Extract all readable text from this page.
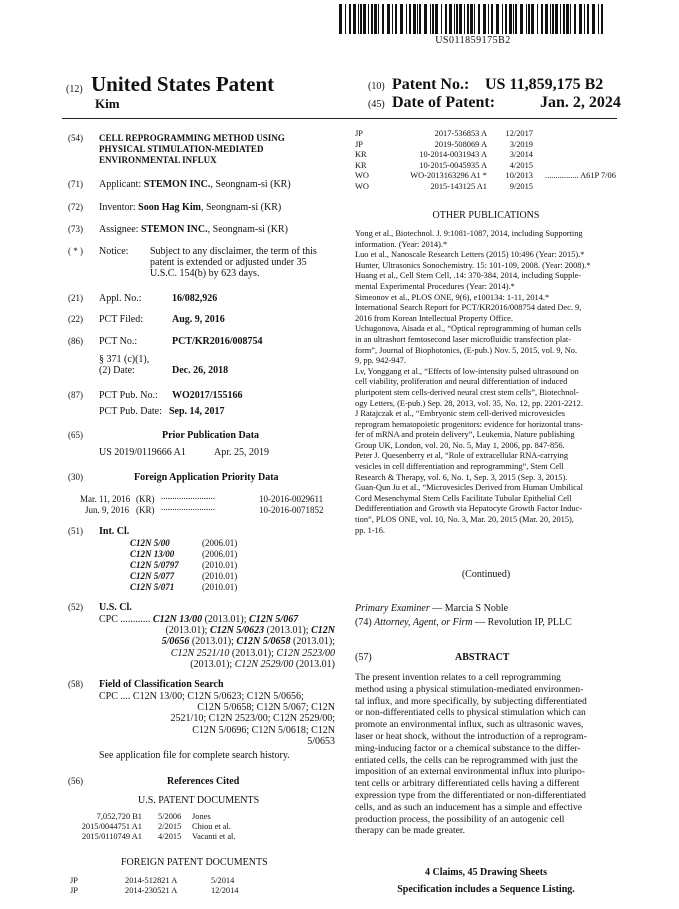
US011859175B2
(12) United States Patent
Kim
(10) Patent No.: US 11,859,175 B2
(45) Date of Patent:	Jan. 2, 2024
(54) CELL REPROGRAMMING METHOD USING
PHYSICAL STIMULATION-MEDIATED
ENVIRONMENTAL INFLUX
(71) Applicant: STEMON INC., Seongnam-si (KR)
(72) Inventor: Soon Hag Kim, Seongnam-si (KR)
(73) Assignee: STEMON INC., Seongnam-si (KR)
( * ) Notice: Subject to any disclaimer, the term of this
patent is extended or adjusted under 35
U.S.C. 154(b) by 623 days.
(21) Appl. No.:	16/082,926
(22) PCT Filed:	Aug. 9, 2016
(86) PCT No.:	PCT/KR2016/008754
§ 371 (c)(1),
(2) Date:	Dec. 26, 2018
(87) PCT Pub. No.: WO2017/155166
PCT Pub. Date: Sep. 14, 2017
(65)	Prior Publication Data
US 2019/0119666 A1	Apr. 25, 2019
(30)	Foreign Application Priority Data
Mar. 11, 2016 (KR) ........................	10-2016-0029611
Jun. 9, 2016 (KR) ........................	10-2016-0071852
(51) Int. Cl.
C12N 5/00	(2006.01)
C12N 13/00	(2006.01)
C12N 5/0797	(2010.01)
C12N 5/077	(2010.01)
C12N 5/071	(2010.01)
(52) U.S. Cl.
CPC ............ C12N 13/00 (2013.01); C12N 5/067
(2013.01); C12N 5/0623 (2013.01); C12N
5/0656 (2013.01); C12N 5/0658 (2013.01);
C12N 2521/10 (2013.01); C12N 2523/00
(2013.01); C12N 2529/00 (2013.01)
(58) Field of Classification Search
CPC .... C12N 13/00; C12N 5/0623; C12N 5/0656;
C12N 5/0658; C12N 5/067; C12N
2521/10; C12N 2523/00; C12N 2529/00;
C12N 5/0696; C12N 5/0618; C12N
5/0653
See application file for complete search history.
(56)	References Cited
U.S. PATENT DOCUMENTS
7,052,720 B1 5/2006 Jones
2015/0044751 A1 2/2015 Chiou et al.
2015/0110749 A1 4/2015 Vacanti et al.
FOREIGN PATENT DOCUMENTS
JP	2014-512821 A	5/2014
JP	2014-230521 A	12/2014
JP	2017-536853 A 12/2017
JP	2019-508069 A	3/2019
KR	10-2014-0031943 A	3/2014
KR	10-2015-0045935 A	4/2015
WO	WO-2013163296 A1 * 10/2013 ................ A61P 7/06
WO	2015-143125 A1	9/2015
OTHER PUBLICATIONS
Yong et al., Biotechnol. J. 9:1081-1087, 2014, including Supporting
information. (Year: 2014).*
Luo et al., Nanoscale Research Letters (2015) 10:496 (Year: 2015).*
Hunter, Ultrasonics Sonochemistry. 15: 101-109, 2008. (Year: 2008).*
Huang et al., Cell Stem Cell, .14: 370-384, 2014, including Supple-
mental Experimental Procedures (Year: 2014).*
Simeonov et al., PLOS ONE, 9(6), e100134: 1-11, 2014.*
International Search Report for PCT/KR2016/008754 dated Dec. 9,
2016 from Korean Intellectual Property Office.
Uchugonova, Aisada et al., “Optical reprogramming of human cells
in an ultrashort femtosecond laser microfluidic transfection plat-
form”, Journal of Biophotonics, (E-pub.) Nov. 5, 2015, vol. 9, No.
9, pp. 942-947.
Lv, Yonggang et al., “Effects of low-intensity pulsed ultrasound on
cell viability, proliferation and neural differentiation of induced
pluripotent stem cells-derived neural crest stem cells”, Biotechnol-
ogy Letters, (E-pub.) Sep. 28, 2013, vol. 35, No. 12, pp. 2201-2212.
J Ratajczak et al., “Embryonic stem cell-derived microvesicles
reprogram hematopoietic progenitors: evidence for horizontal trans-
fer of mRNA and protein delivery”, Leukemia, Nature publishing
Group UK, London, vol. 20, No. 5, May 1, 2006, pp. 847-856.
Peter J. Quesenberry et al, “Role of extracellular RNA-carrying
vesicles in cell differentiation and reprogramming”, Stem Cell
Research & Therapy, vol. 6, No. 1, Sep. 3, 2015 (Sep. 3, 2015).
Guan-Qun Ju et al., “Microvesicles Derived from Human Umbilical
Cord Mesenchymal Stem Cells Facilitate Tubular Epithelial Cell
Dedifferentiation and Growth via Hepatocyte Growth Factor Induc-
tion”, PLOS ONE, vol. 10, No. 3, Mar. 20, 2015 (Mar. 20, 2015),
pp. 1-16.
(Continued)
Primary Examiner — Marcia S Noble
(74) Attorney, Agent, or Firm — Revolution IP, PLLC
(57)	ABSTRACT
The present invention relates to a cell reprogramming
method using a physical stimulation-mediated environmen-
tal influx, and more specifically, by subjecting differentiated
or non-differentiated cells to physical stimulation which can
promote an environmental influx, such as ultrasonic waves,
laser or heat shock, without the introduction of a reprogram-
ming-inducing factor or a chemical substance to the differ-
entiated cells, the cells can be reprogrammed with just the
imposition of an external environmental influx into pluripo-
tent cells or arbitrary differentiated cells having a different
expression type from the differentiated or non-differentiated
cells, and as such an inducement has a simple and effective
production process, the possibility of an autogenic cell
therapy can be made greater.
4 Claims, 45 Drawing Sheets
Specification includes a Sequence Listing.
